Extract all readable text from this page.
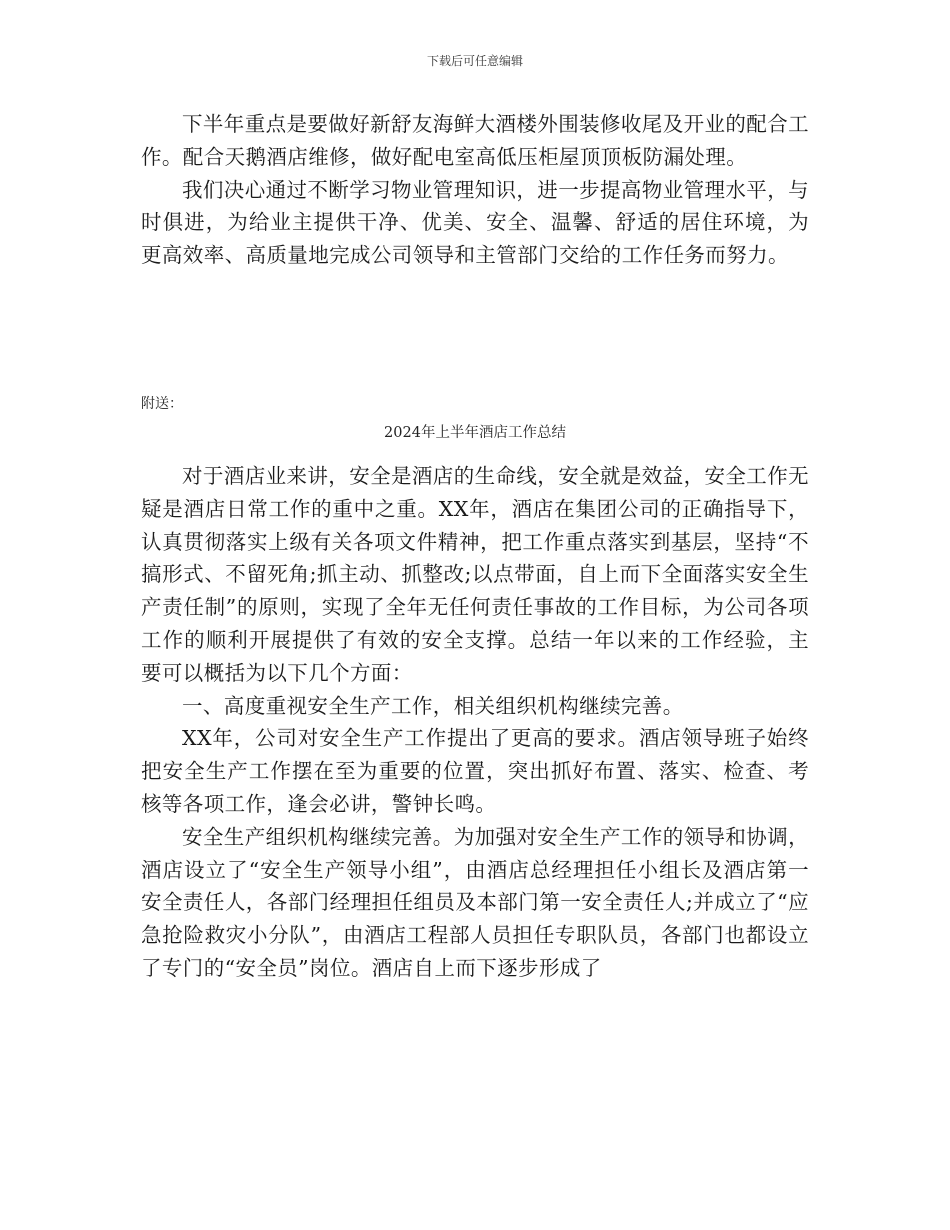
下载后可任意编辑

下半年重点是要做好新舒友海鲜大酒楼外围装修收尾及开业的配合工作。配合天鹅酒店维修，做好配电室高低压柜屋顶顶板防漏处理。

我们决心通过不断学习物业管理知识，进一步提高物业管理水平，与时俱进，为给业主提供干净、优美、安全、温馨、舒适的居住环境，为更高效率、高质量地完成公司领导和主管部门交给的工作任务而努力。

附送：
2024年上半年酒店工作总结

对于酒店业来讲，安全是酒店的生命线，安全就是效益，安全工作无疑是酒店日常工作的重中之重。XX年，酒店在集团公司的正确指导下，认真贯彻落实上级有关各项文件精神，把工作重点落实到基层，坚持“不搞形式、不留死角;抓主动、抓整改;以点带面，自上而下全面落实安全生产责任制”的原则，实现了全年无任何责任事故的工作目标，为公司各项工作的顺利开展提供了有效的安全支撑。总结一年以来的工作经验，主要可以概括为以下几个方面：

一、高度重视安全生产工作，相关组织机构继续完善。

XX年，公司对安全生产工作提出了更高的要求。酒店领导班子始终把安全生产工作摆在至为重要的位置，突出抓好布置、落实、检查、考核等各项工作，逢会必讲，警钟长鸣。

安全生产组织机构继续完善。为加强对安全生产工作的领导和协调，酒店设立了“安全生产领导小组”，由酒店总经理担任小组长及酒店第一安全责任人，各部门经理担任组员及本部门第一安全责任人;并成立了“应急抢险救灾小分队”，由酒店工程部人员担任专职队员，各部门也都设立了专门的“安全员”岗位。酒店自上而下逐步形成了
